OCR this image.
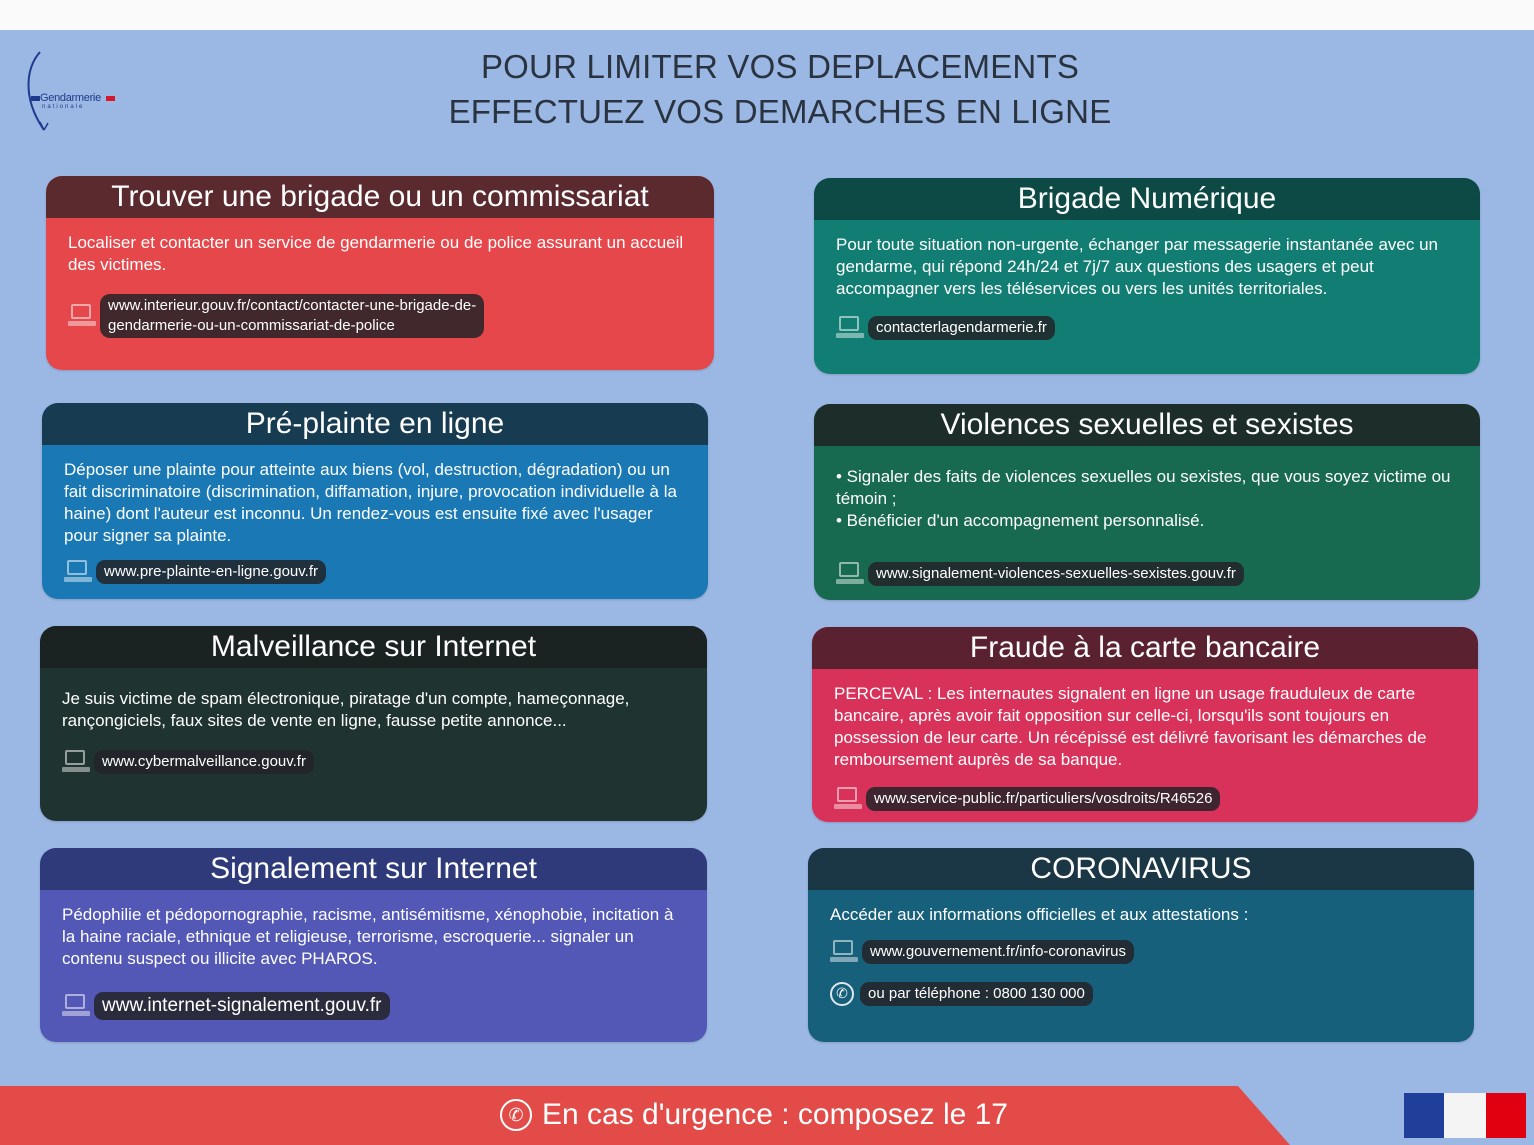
Gendarmerie
nationale
POUR LIMITER VOS DEPLACEMENTS
EFFECTUEZ VOS DEMARCHES EN LIGNE
Trouver une brigade ou un commissariat

Localiser et contacter un service de gendarmerie ou de police assurant un accueil des victimes.

www.interieur.gouv.fr/contact/contacter-une-brigade-de-
gendarmerie-ou-un-commissariat-de-police
Brigade Numérique

Pour toute situation non-urgente, échanger par messagerie instantanée avec un gendarme, qui répond 24h/24 et 7j/7 aux questions des usagers et peut accompagner vers les téléservices ou vers les unités territoriales.

contacterlagendarmerie.fr
Pré-plainte en ligne

Déposer une plainte pour atteinte aux biens (vol, destruction, dégradation) ou un fait discriminatoire (discrimination, diffamation, injure, provocation individuelle à la haine) dont l'auteur est inconnu. Un rendez-vous est ensuite fixé avec l'usager pour signer sa plainte.

www.pre-plainte-en-ligne.gouv.fr
Violences sexuelles et sexistes

• Signaler des faits de violences sexuelles ou sexistes, que vous soyez victime ou témoin ;

• Bénéficier d'un accompagnement personnalisé.

www.signalement-violences-sexuelles-sexistes.gouv.fr
Malveillance sur Internet

Je suis victime de spam électronique, piratage d'un compte, hameçonnage, rançongiciels, faux sites de vente en ligne, fausse petite annonce...

www.cybermalveillance.gouv.fr
Fraude à la carte bancaire

PERCEVAL : Les internautes signalent en ligne un usage frauduleux de carte bancaire, après avoir fait opposition sur celle-ci, lorsqu'ils sont toujours en possession de leur carte. Un récépissé est délivré favorisant les démarches de remboursement auprès de sa banque.

www.service-public.fr/particuliers/vosdroits/R46526
Signalement sur Internet

Pédophilie et pédopornographie, racisme, antisémitisme, xénophobie, incitation à la haine raciale, ethnique et religieuse, terrorisme, escroquerie... signaler un contenu suspect ou illicite avec PHAROS.

www.internet-signalement.gouv.fr
CORONAVIRUS

Accéder aux informations officielles et aux attestations :

www.gouvernement.fr/info-coronavirus
✆	ou par téléphone : 0800 130 000
✆ En cas d'urgence : composez le 17
